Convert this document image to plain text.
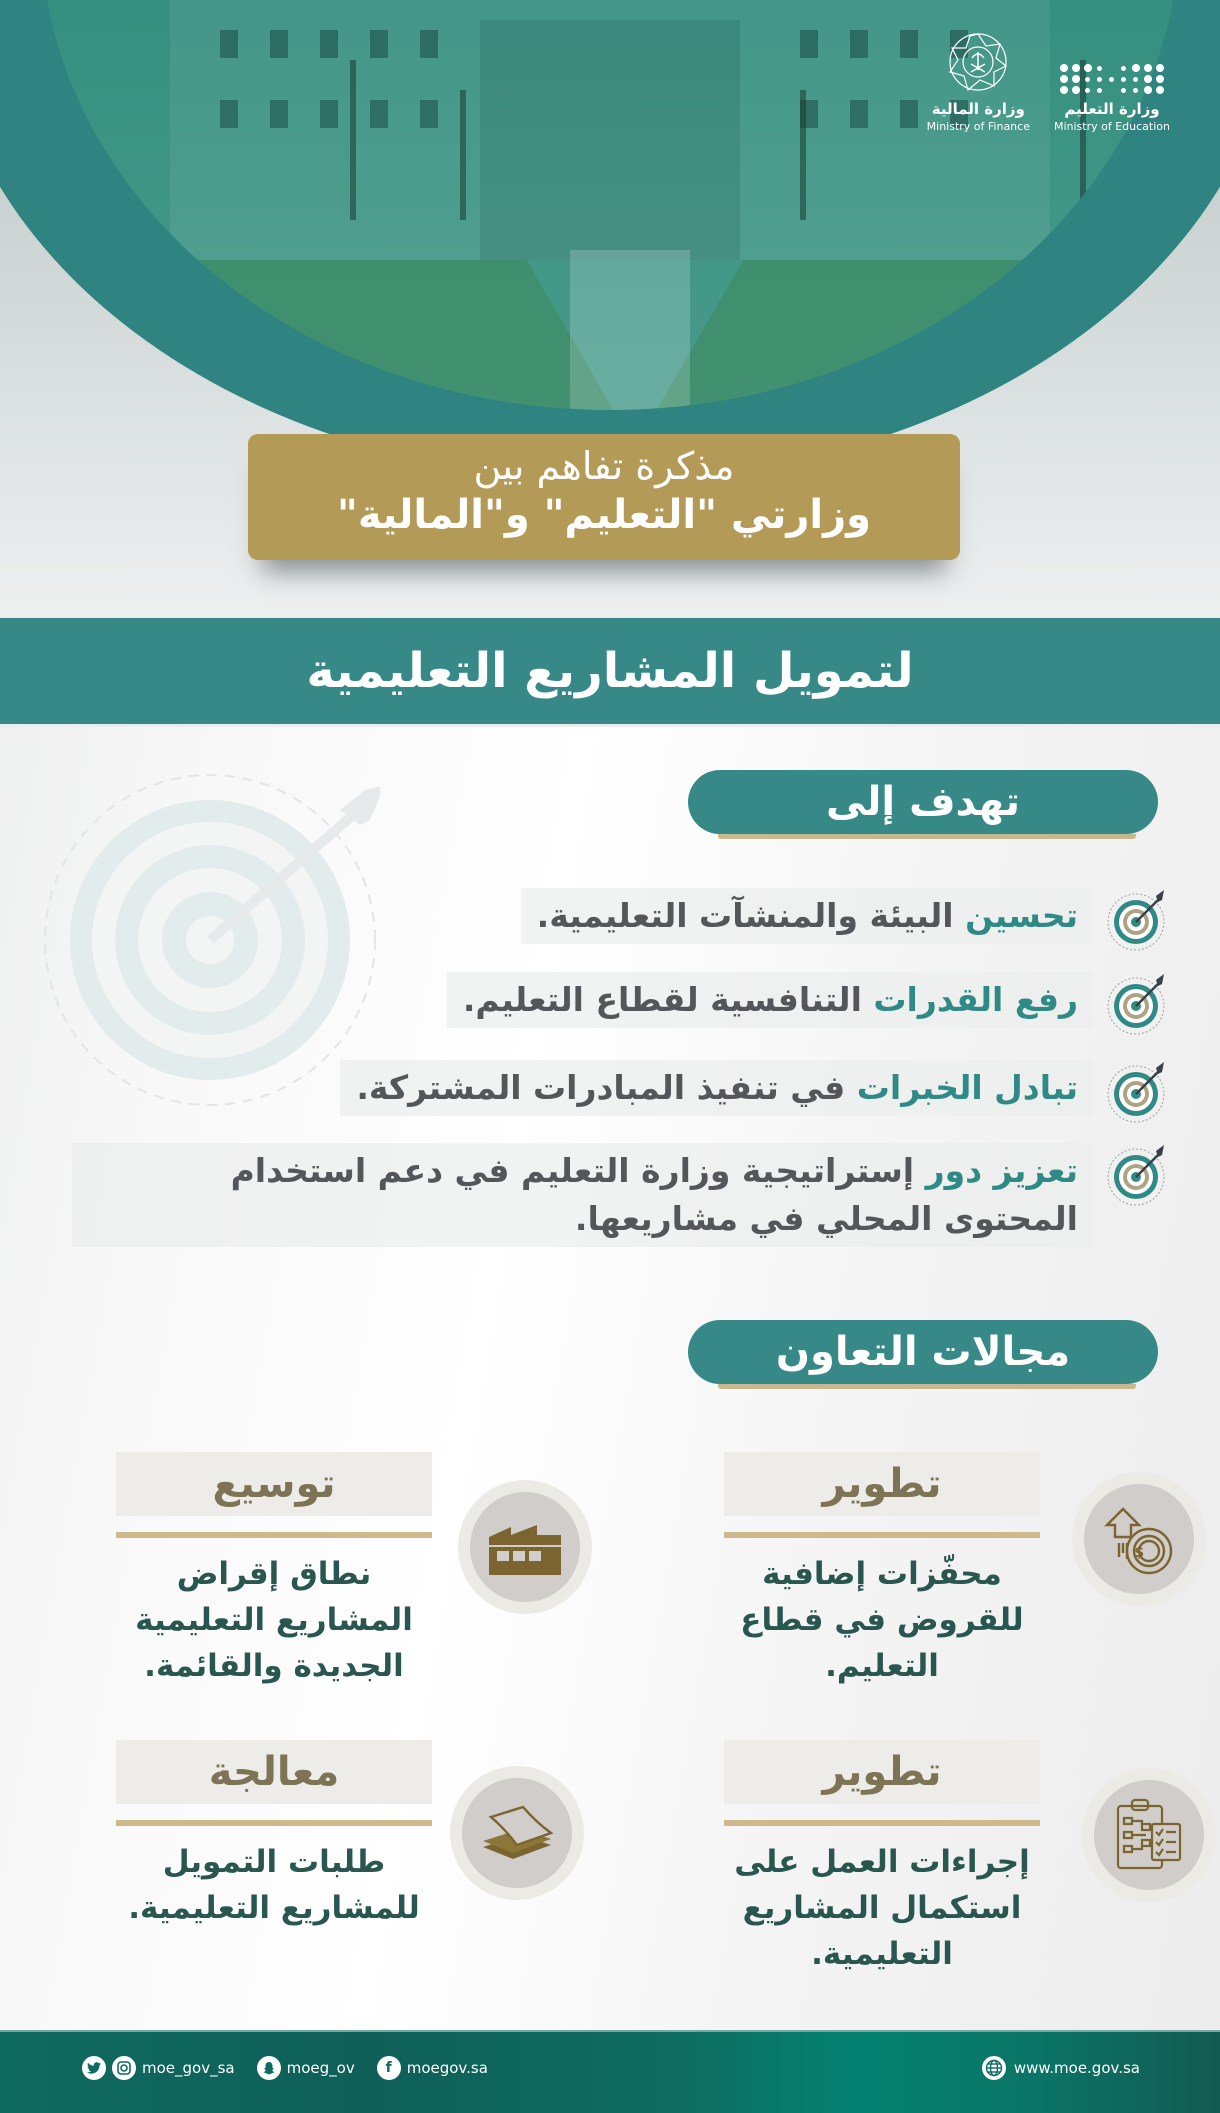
وزارة التعليم
Ministry of Education
وزارة المالية
Ministry of Finance
مذكرة تفاهم بين
وزارتي "التعليم" و"المالية"
لتمويل المشاريع التعليمية
تهدف إلى
تحسين البيئة والمنشآت التعليمية.
رفع القدرات التنافسية لقطاع التعليم.
تبادل الخبرات في تنفيذ المبادرات المشتركة.
تعزيز دور إستراتيجية وزارة التعليم في دعم استخدام المحتوى المحلي في مشاريعها.
مجالات التعاون
تطوير
محفّزات إضافية للقروض في قطاع التعليم.
$
توسيع
نطاق إقراض المشاريع التعليمية الجديدة والقائمة.
تطوير
إجراءات العمل على استكمال المشاريع التعليمية.
معالجة
طلبات التمويل للمشاريع التعليمية.
moe_gov_sa	moeg_ov	f moegov.sa	www.moe.gov.sa
